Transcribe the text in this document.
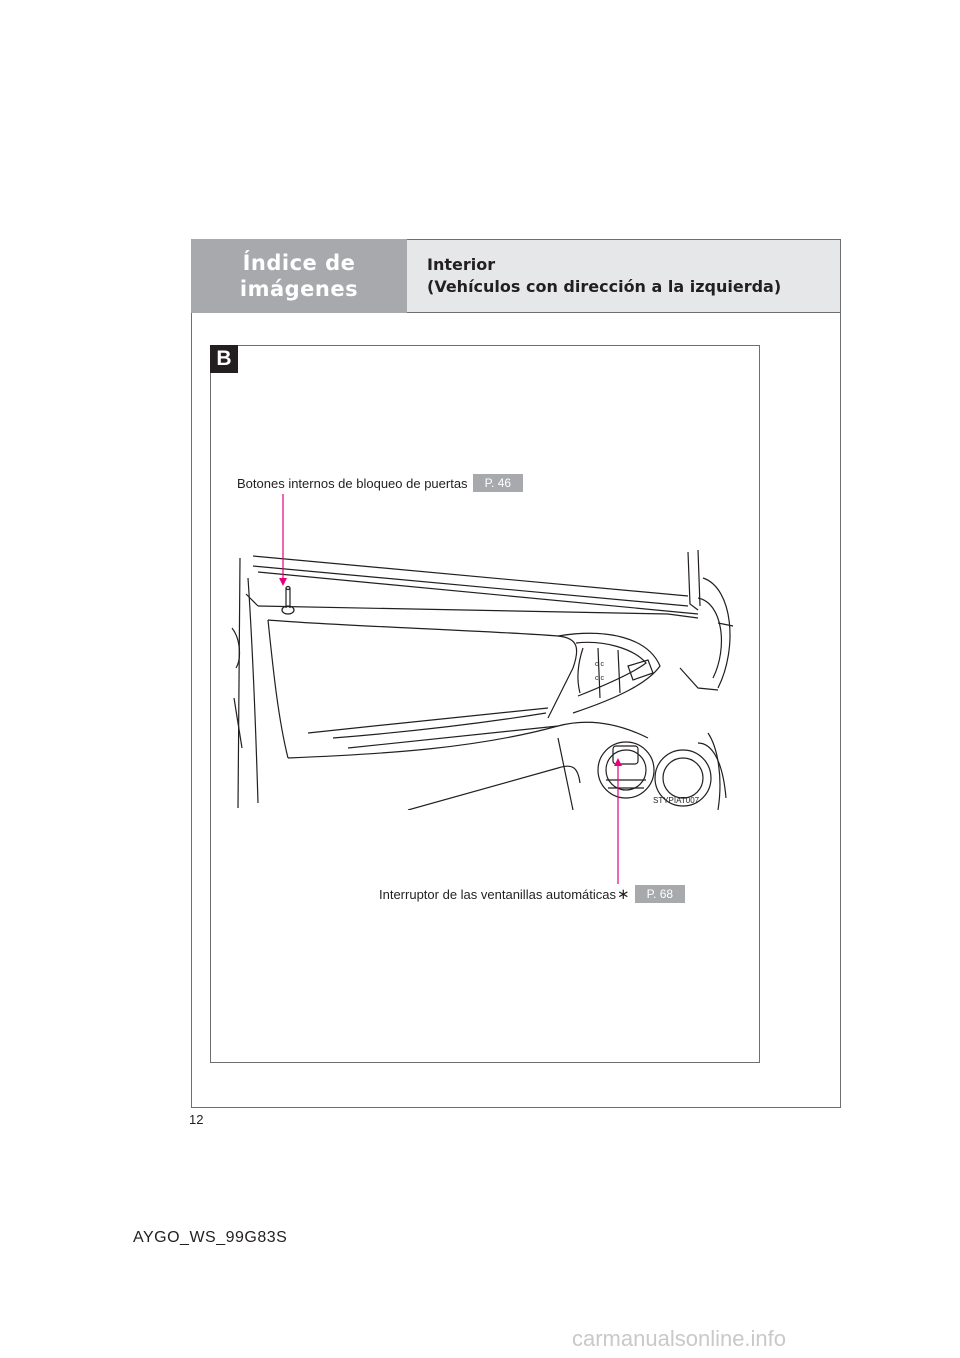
Índice de
imágenes
Interior
(Vehículos con dirección a la izquierda)
B
Botones internos de bloqueo de puertas	P. 46
Interruptor de las ventanillas automáticas ∗	P. 68
c c
c c
STYPIAT007
12
AYGO_WS_99G83S
carmanualsonline.info
